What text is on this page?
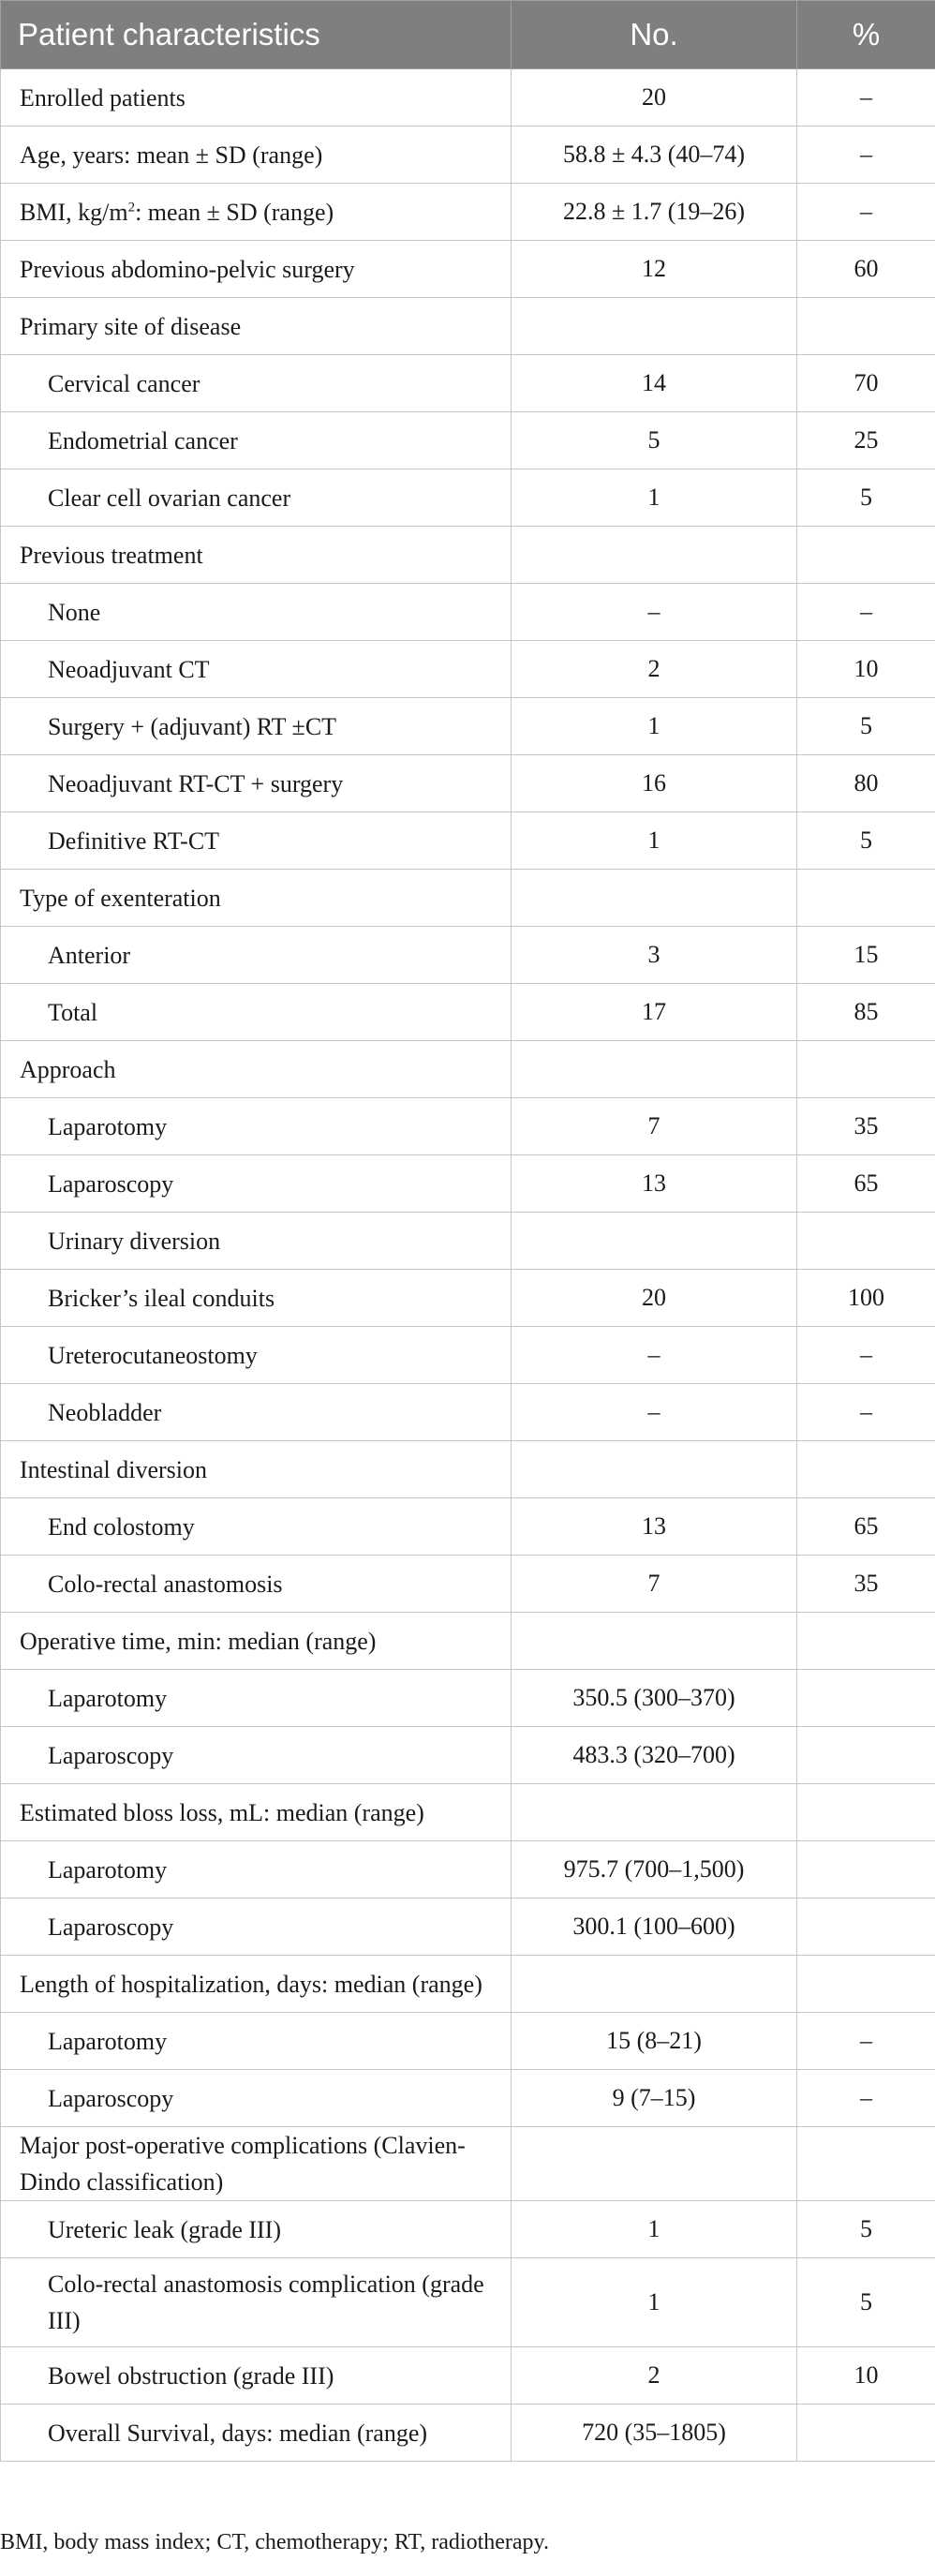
Patient characteristics	No.	%
Enrolled patients	20	–
Age, years: mean ± SD (range)	58.8 ± 4.3 (40–74)	–
BMI, $kg/m^2$: mean ± SD (range)	22.8 ± 1.7 (19–26)	–
Previous abdomino-pelvic surgery	12	60
Primary site of disease		
Cervical cancer	14	70
Endometrial cancer	5	25
Clear cell ovarian cancer	1	5
Previous treatment		
None	–	–
Neoadjuvant CT	2	10
Surgery + (adjuvant) RT ±CT	1	5
Neoadjuvant RT-CT + surgery	16	80
Definitive RT-CT	1	5
Type of exenteration		
Anterior	3	15
Total	17	85
Approach		
Laparotomy	7	35
Laparoscopy	13	65
Urinary diversion		
Bricker’s ileal conduits	20	100
Ureterocutaneostomy	–	–
Neobladder	–	–
Intestinal diversion		
End colostomy	13	65
Colo-rectal anastomosis	7	35
Operative time, min: median (range)		
Laparotomy	350.5 (300–370)	
Laparoscopy	483.3 (320–700)	
Estimated bloss loss, mL: median (range)		
Laparotomy	975.7 (700–1,500)	
Laparoscopy	300.1 (100–600)	
Length of hospitalization, days: median (range)		
Laparotomy	15 (8–21)	–
Laparoscopy	9 (7–15)	–
Major post-operative complications (Clavien-Dindo classification)		
Ureteric leak (grade III)	1	5
Colo-rectal anastomosis complication (grade III)	1	5
Bowel obstruction (grade III)	2	10
Overall Survival, days: median (range)	720 (35–1805)	
BMI, body mass index; CT, chemotherapy; RT, radiotherapy.
